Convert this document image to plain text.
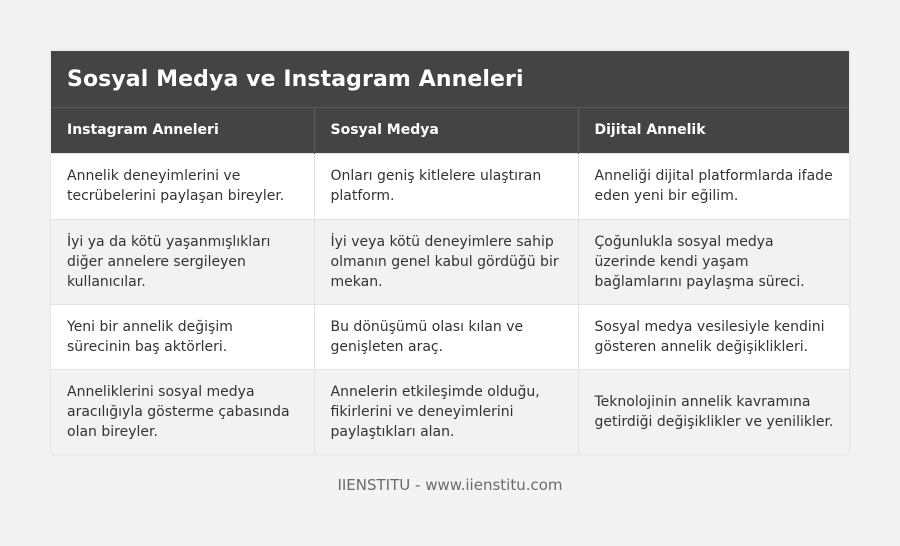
Sosyal Medya ve Instagram Anneleri
Instagram Anneleri	Sosyal Medya	Dijital Annelik
Annelik deneyimlerini ve tecrübelerini paylaşan bireyler.	Onları geniş kitlelere ulaştıran platform.	Anneliği dijital platformlarda ifade eden yeni bir eğilim.
İyi ya da kötü yaşanmışlıkları diğer annelere sergileyen kullanıcılar.	İyi veya kötü deneyimlere sahip olmanın genel kabul gördüğü bir mekan.	Çoğunlukla sosyal medya üzerinde kendi yaşam bağlamlarını paylaşma süreci.
Yeni bir annelik değişim sürecinin baş aktörleri.	Bu dönüşümü olası kılan ve genişleten araç.	Sosyal medya vesilesiyle kendini gösteren annelik değişiklikleri.
Anneliklerini sosyal medya aracılığıyla gösterme çabasında olan bireyler.	Annelerin etkileşimde olduğu, fikirlerini ve deneyimlerini paylaştıkları alan.	Teknolojinin annelik kavramına getirdiği değişiklikler ve yenilikler.
IIENSTITU - www.iienstitu.com
